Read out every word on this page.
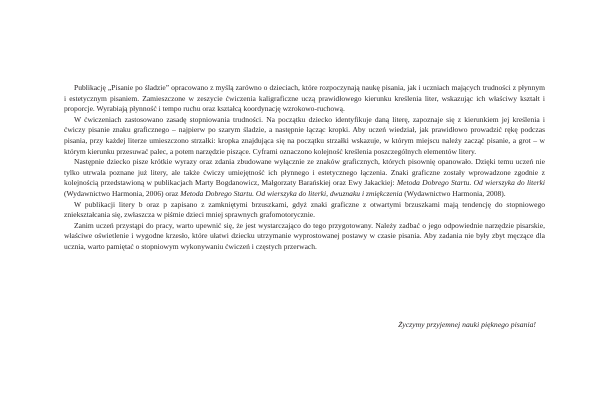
Publikację „Pisanie po śladzie” opracowano z myślą zarówno o dzieciach, które rozpoczynają naukę pisania, jak i uczniach mających trudności z płynnym i estetycznym pisaniem. Zamieszczone w zeszycie ćwiczenia kaligraficzne uczą prawidłowego kierunku kreślenia liter, wskazując ich właściwy kształt i proporcje. Wyrabiają płynność i tempo ruchu oraz kształcą koordynację wzrokowo-ruchową.

W ćwiczeniach zastosowano zasadę stopniowania trudności. Na początku dziecko identyfikuje daną literę, zapoznaje się z kierunkiem jej kreślenia i ćwiczy pisanie znaku graficznego – najpierw po szarym śladzie, a następnie łącząc kropki. Aby uczeń wiedział, jak prawidłowo prowadzić rękę podczas pisania, przy każdej literze umieszczono strzałki: kropka znajdująca się na początku strzałki wskazuje, w którym miejscu należy zacząć pisanie, a grot – w którym kierunku przesuwać palec, a potem narzędzie piszące. Cyframi oznaczono kolejność kreślenia poszczególnych elementów litery.

Następnie dziecko pisze krótkie wyrazy oraz zdania zbudowane wyłącznie ze znaków graficznych, których pisownię opanowało. Dzięki temu uczeń nie tylko utrwala poznane już litery, ale także ćwiczy umiejętność ich płynnego i estetycznego łączenia. Znaki graficzne zostały wprowadzone zgodnie z kolejnością przedstawioną w publikacjach Marty Bogdanowicz, Małgorzaty Barańskiej oraz Ewy Jakackiej: Metoda Dobrego Startu. Od wierszyka do literki (Wydawnictwo Harmonia, 2006) oraz Metoda Dobrego Startu. Od wierszyka do literki, dwuznaku i zmiękczenia (Wydawnictwo Harmonia, 2008).

W publikacji litery b oraz p zapisano z zamkniętymi brzuszkami, gdyż znaki graficzne z otwartymi brzuszkami mają tendencję do stopniowego zniekształcania się, zwłaszcza w piśmie dzieci mniej sprawnych grafomotorycznie.

Zanim uczeń przystąpi do pracy, warto upewnić się, że jest wystarczająco do tego przygotowany. Należy zadbać o jego odpowiednie narzędzie pisarskie, właściwe oświetlenie i wygodne krzesło, które ułatwi dziecku utrzymanie wyprostowanej postawy w czasie pisania. Aby zadania nie były zbyt męczące dla ucznia, warto pamiętać o stopniowym wykonywaniu ćwiczeń i częstych przerwach.

Życzymy przyjemnej nauki pięknego pisania!
